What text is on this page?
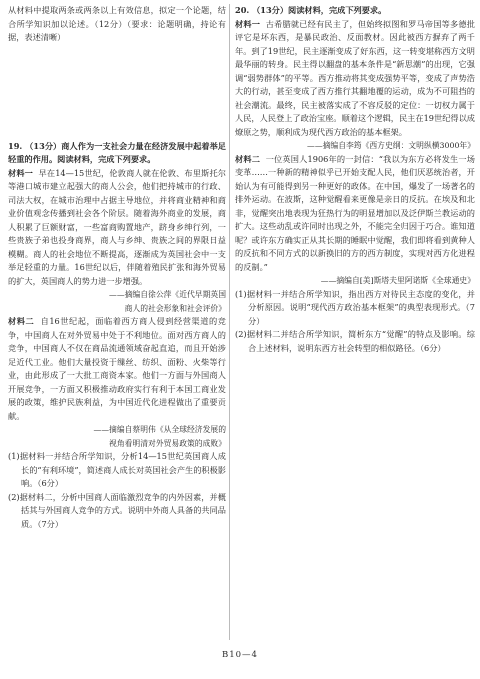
从材料中提取两条或两条以上有效信息，拟定一个论题，结合所学知识加以论述。（12分）（要求：论题明确，持论有据，表述清晰）

19. （13分）商人作为一支社会力量在经济发展中起着举足轻重的作用。阅读材料，完成下列要求。

材料一 早在14—15世纪，伦敦商人就在伦敦、布里斯托尔等港口城市建立起强大的商人公会，他们把持城市的行政、司法大权，在城市治理中占据主导地位，并将商业精神和商业价值观念传播到社会各个阶层。随着海外商业的发展，商人积累了巨额财富，一些富商购置地产，跻身乡绅行列，一些贵族子弟也投身商界，商人与乡绅、贵族之间的界限日益模糊。商人的社会地位不断提高，逐渐成为英国社会中一支举足轻重的力量。16世纪以后，伴随着殖民扩张和海外贸易的扩大，英国商人的势力进一步增强。

——摘编自徐公萍《近代早期英国

商人的社会形象和社会评价》

材料二 自16世纪起，面临着西方商人侵到经营渠道的竞争，中国商人在对外贸易中处于不利地位。面对西方商人的竞争，中国商人不仅在商品流通领域奋起直追，而且开始涉足近代工业。他们大量投资于缫丝、纺织、面粉、火柴等行业，由此形成了一大批工商资本家。他们一方面与外国商人开展竞争，一方面又积极推动政府实行有利于本国工商业发展的政策，维护民族利益，为中国近代化进程做出了重要贡献。

——摘编自蔡明伟《从全球经济发展的

视角看明清对外贸易政策的成败》

(1)据材料一并结合所学知识，分析14—15世纪英国商人成长的“有利环境”，简述商人成长对英国社会产生的积极影响。（6分）

(2)据材料二，分析中国商人面临激烈竞争的内外因素，并概括其与外国商人竞争的方式。说明中外商人具备的共同品质。（7分）

20. （13分）阅读材料，完成下列要求。

材料一 古希腊就已经有民主了，但始终拟图和罗马帝国等多德批评它是坏东西，是暴民政治、反面教材。因此被西方摒弃了两千年。到了19世纪，民主逐渐变成了好东西，这一转变堪称西方文明最华丽的转身。民主得以翻盘的基本条件是“新思潮”的出现，它强调“弱势群体”的平等。西方推动将其变成强势平等，变成了声势浩大的行动，甚至变成了西方推行其翻地覆的运动，成为不可阻挡的社会潮流。最终，民主被落实成了不容反驳的定位：一切权力属于人民，人民登上了政治宝座。顺着这个逻辑，民主在19世纪得以成燎原之势，顺利成为现代西方政治的基本框架。

——摘编自李筠《西方史纲：文明纵横3000年》

材料二 一位英国人1906年的一封信：“我以为东方必将发生一场变革……一种新的精神似乎已开始支配人民，他们厌恶统治者，开始认为有可能得到另一种更好的政体。在中国，爆发了一场著名的排外运动。在波斯，这种觉醒看来更像是亲日的反抗。在埃及和北非，觉醒突出地表现为狂热行为的明显增加以及泛伊斯兰教运动的扩大。这些动乱或许同时出现之外，不能完全归因于巧合。谁知道呢？或许东方确实正从其长期的睡眠中觉醒，我们即将看到黄种人的反抗和不同方式的以新换旧的方的西方制度，实现对西方化进程的反制。”

——摘编自[美]斯塔夫里阿诺斯《全球通史》

(1)据材料一并结合所学知识，指出西方对待民主态度的变化，并分析原因。说明“现代西方政治基本框架”的典型表现形式。（7分）

(2)据材料二并结合所学知识，简析东方“觉醒”的特点及影响。综合上述材料，说明东西方社会转型的相似路径。（6分）

B10—4
